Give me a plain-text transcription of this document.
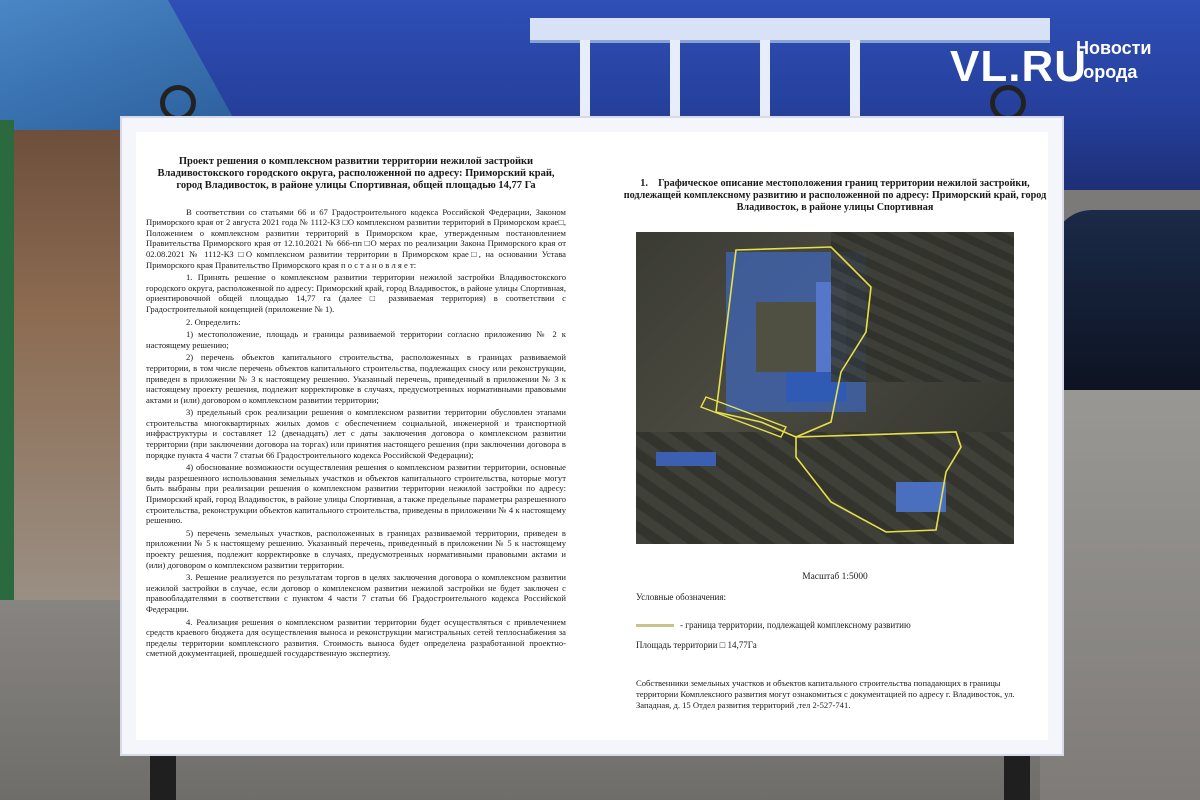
VL.RU
Новости
города
Проект решения о комплексном развитии территории нежилой застройки Владивостокского городского округа, расположенной по адресу: Приморский край, город Владивосток, в районе улицы Спортивная, общей площадью 14,77 Га

В соответствии со статьями 66 и 67 Градостроительного кодекса Российской Федерации, Законом Приморского края от 2 августа 2021 года № 1112-КЗ □О комплексном развитии территорий в Приморском крае□, Положением о комплексном развитии территорий в Приморском крае, утвержденным постановлением Правительства Приморского края от 12.10.2021 № 666-пп □О мерах по реализации Закона Приморского края от 02.08.2021 № 1112-КЗ □О комплексном развитии территории в Приморском крае□, на основании Устава Приморского края Правительство Приморского края п о с т а н о в л я е т:

1. Принять решение о комплексном развитии территории нежилой застройки Владивостокского городского округа, расположенной по адресу: Приморский край, город Владивосток, в районе улицы Спортивная, ориентировочной общей площадью 14,77 га (далее □ развиваемая территория) в соответствии с Градостроительной концепцией (приложение № 1).

2. Определить:

1) местоположение, площадь и границы развиваемой территории согласно приложению № 2 к настоящему решению;

2) перечень объектов капитального строительства, расположенных в границах развиваемой территории, в том числе перечень объектов капитального строительства, подлежащих сносу или реконструкции, приведен в приложении № 3 к настоящему решению. Указанный перечень, приведенный в приложении № 3 к настоящему проекту решения, подлежит корректировке в случаях, предусмотренных нормативными правовыми актами и (или) договором о комплексном развитии территории;

3) предельный срок реализации решения о комплексном развитии территории обусловлен этапами строительства многоквартирных жилых домов с обеспечением социальной, инженерной и транспортной инфраструктуры и составляет 12 (двенадцать) лет с даты заключения договора о комплексном развитии территории (при заключении договора на торгах) или принятия настоящего решения (при заключении договора в порядке пункта 4 части 7 статьи 66 Градостроительного кодекса Российской Федерации);

4) обоснование возможности осуществления решения о комплексном развитии территории, основные виды разрешенного использования земельных участков и объектов капитального строительства, которые могут быть выбраны при реализации решения о комплексном развитии территории нежилой застройки по адресу: Приморский край, город Владивосток, в районе улицы Спортивная, а также предельные параметры разрешенного строительства, реконструкции объектов капитального строительства, приведены в приложении № 4 к настоящему решению.

5) перечень земельных участков, расположенных в границах развиваемой территории, приведен в приложении № 5 к настоящему решению. Указанный перечень, приведенный в приложении № 5 к настоящему проекту решения, подлежит корректировке в случаях, предусмотренных нормативными правовыми актами и (или) договором о комплексном развитии территории.

3. Решение реализуется по результатам торгов в целях заключения договора о комплексном развитии нежилой застройки в случае, если договор о комплексном развитии нежилой застройки не будет заключен с правообладателями в соответствии с пунктом 4 части 7 статьи 66 Градостроительного кодекса Российской Федерации.

4. Реализация решения о комплексном развитии территории будет осуществляться с привлечением средств краевого бюджета для осуществления выноса и реконструкции магистральных сетей теплоснабжения за пределы территории комплексного развития. Стоимость выноса будет определена разработанной проектно-сметной документацией, прошедшей государственную экспертизу.

1. Графическое описание местоположения границ территории нежилой застройки, подлежащей комплексному развитию и расположенной по адресу: Приморский край, город Владивосток, в районе улицы Спортивная
Масштаб 1:5000
Условные обозначения:
- граница территории, подлежащей комплексному развитию
Площадь территории □ 14,77Га
Собственники земельных участков и объектов капитального строительства попадающих в границы территории Комплексного развития могут ознакомиться с документацией по адресу г. Владивосток, ул. Западная, д. 15 Отдел развития территорий ,тел 2-527-741.
